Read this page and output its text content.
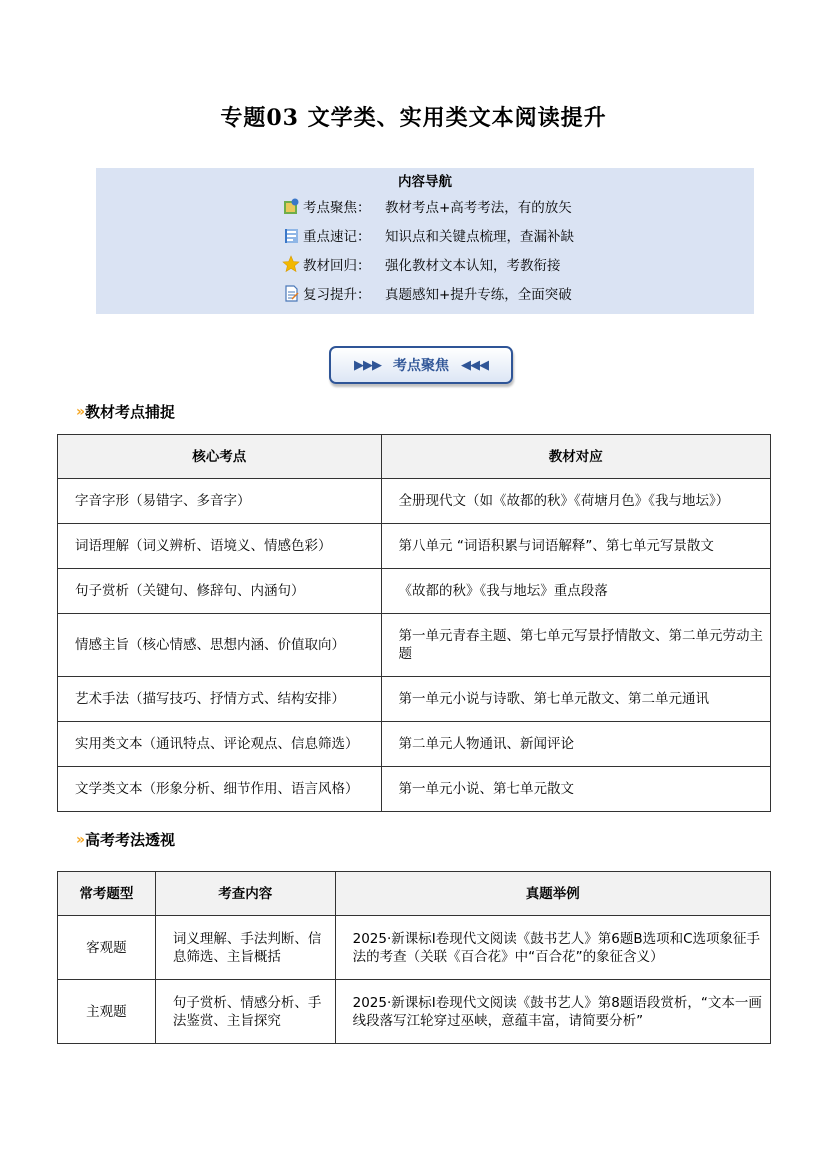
专题03 文学类、实用类文本阅读提升
内容导航
考点聚焦：	教材考点+高考考法，有的放矢
重点速记：	知识点和关键点梳理，查漏补缺
教材回归：	强化教材文本认知，考教衔接
复习提升：	真题感知+提升专练，全面突破
▶▶▶ 考点聚焦 ◀◀◀
» 教材考点捕捉
核心考点	教材对应
字音字形（易错字、多音字）	全册现代文（如《故都的秋》《荷塘月色》《我与地坛》）
词语理解（词义辨析、语境义、情感色彩）	第八单元 “词语积累与词语解释”、第七单元写景散文
句子赏析（关键句、修辞句、内涵句）	《故都的秋》《我与地坛》重点段落
情感主旨（核心情感、思想内涵、价值取向）	第一单元青春主题、第七单元写景抒情散文、第二单元劳动主题
艺术手法（描写技巧、抒情方式、结构安排）	第一单元小说与诗歌、第七单元散文、第二单元通讯
实用类文本（通讯特点、评论观点、信息筛选）	第二单元人物通讯、新闻评论
文学类文本（形象分析、细节作用、语言风格）	第一单元小说、第七单元散文
» 高考考法透视
常考题型	考查内容	真题举例
客观题	词义理解、手法判断、信息筛选、主旨概括	2025·新课标Ⅰ卷现代文阅读《鼓书艺人》第6题B选项和C选项象征手法的考查（关联《百合花》中“百合花”的象征含义）
主观题	句子赏析、情感分析、手法鉴赏、主旨探究	2025·新课标Ⅰ卷现代文阅读《鼓书艺人》第8题语段赏析，“文本一画线段落写江轮穿过巫峡，意蕴丰富，请简要分析”
